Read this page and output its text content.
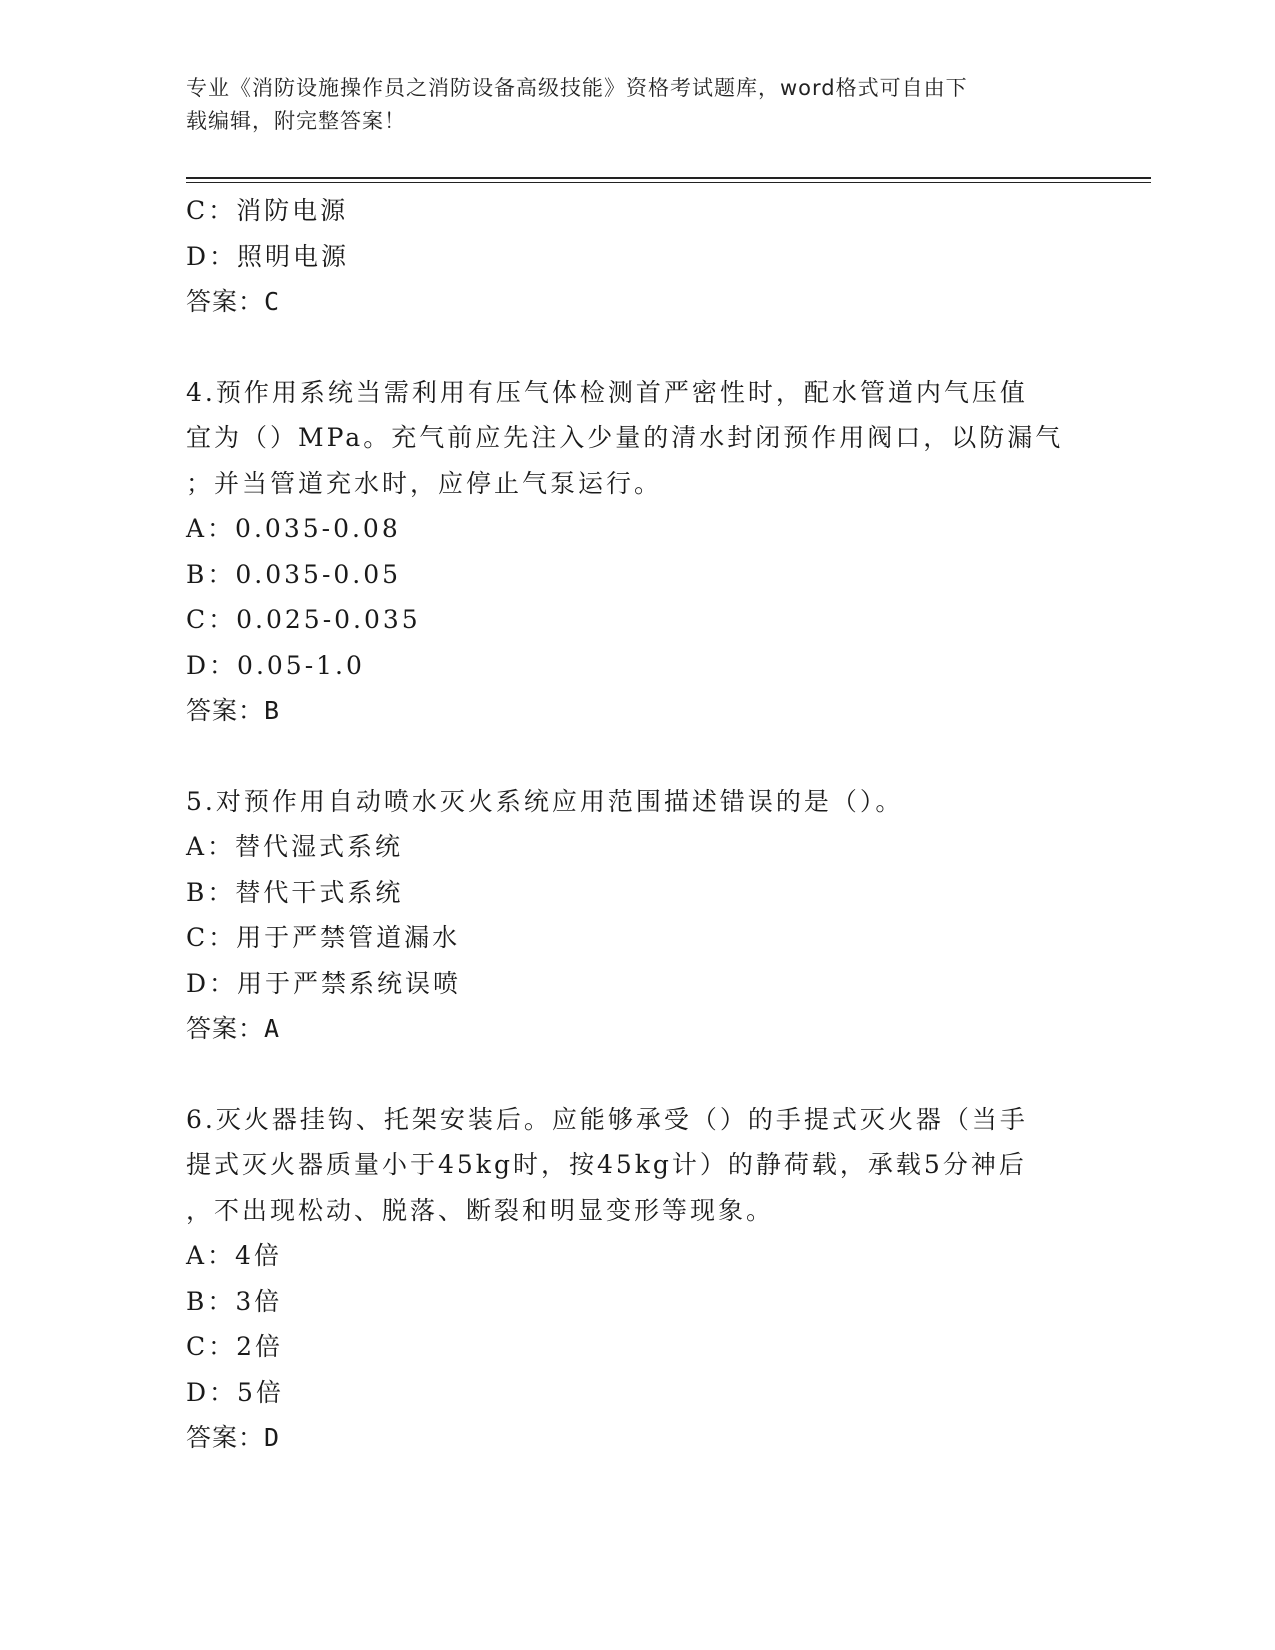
专业《消防设施操作员之消防设备高级技能》资格考试题库，word格式可自由下
载编辑，附完整答案！
C：消防电源
D：照明电源
答案：C
4.预作用系统当需利用有压气体检测首严密性时，配水管道内气压值
宜为（）MPa。充气前应先注入少量的清水封闭预作用阀口，以防漏气
；并当管道充水时，应停止气泵运行。
A：0.035-0.08
B：0.035-0.05
C：0.025-0.035
D：0.05-1.0
答案：B
5.对预作用自动喷水灭火系统应用范围描述错误的是（）。
A：替代湿式系统
B：替代干式系统
C：用于严禁管道漏水
D：用于严禁系统误喷
答案：A
6.灭火器挂钩、托架安装后。应能够承受（）的手提式灭火器（当手
提式灭火器质量小于45kg时，按45kg计）的静荷载，承载5分神后
，不出现松动、脱落、断裂和明显变形等现象。
A：4倍
B：3倍
C：2倍
D：5倍
答案：D
